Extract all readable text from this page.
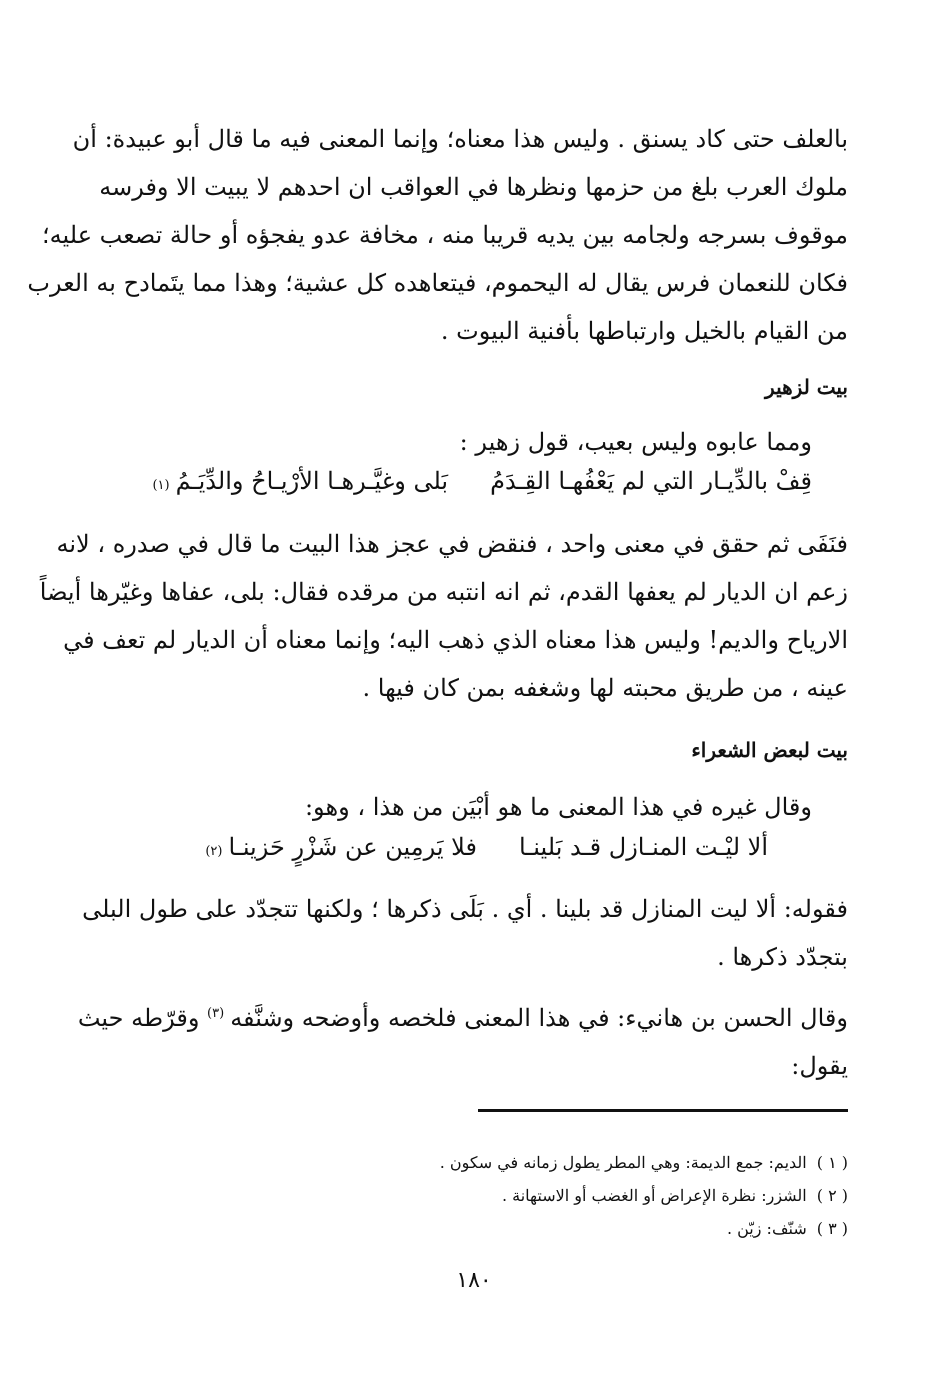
بالعلف حتى كاد يسنق . وليس هذا معناه؛ وإنما المعنى فيه ما قال أبو عبيدة: أن
ملوك العرب بلغ من حزمها ونظرها في العواقب ان احدهم لا يبيت الا وفرسه
موقوف بسرجه ولجامه بين يديه قريبا منه ، مخافة عدو يفجؤه أو حالة تصعب عليه؛
فكان للنعمان فرس يقال له اليحموم، فيتعاهده كل عشية؛ وهذا مما يتَمادح به العرب
من القيام بالخيل وارتباطها بأفنية البيوت .
بيت لزهير
ومما عابوه وليس بعيب، قول زهير :
قِفْ بالدِّيـار التي لم يَعْفُهـا القِـدَمُ
بَلى وغيَّـرهـا الأرْيـاحُ والدِّيَـمُ
(١)
فنَفَى ثم حقق في معنى واحد ، فنقض في عجز هذا البيت ما قال في صدره ، لانه
زعم ان الديار لم يعفها القدم، ثم انه انتبه من مرقده فقال: بلى، عفاها وغيّرها أيضاً
الارياح والديم! وليس هذا معناه الذي ذهب اليه؛ وإنما معناه أن الديار لم تعف في
عينه ، من طريق محبته لها وشغفه بمن كان فيها .
بيت لبعض الشعراء
وقال غيره في هذا المعنى ما هو أبْيَن من هذا ، وهو:
ألا ليْـت المنـازل قـد بَلينـا
فلا يَرمِين عن شَزْرٍ حَزينـا
(٢)
فقوله: ألا ليت المنازل قد بلينا . أي . بَلَى ذكرها ؛ ولكنها تتجدّد على طول البلى
بتجدّد ذكرها .
وقال الحسن بن هانيء: في هذا المعنى فلخصه وأوضحه وشنَّفه$^{(٣)}$ وقرّطه حيث
يقول:
( ١ )الديم: جمع الديمة: وهي المطر يطول زمانه في سكون .
( ٢ )الشزر: نظرة الإعراض أو الغضب أو الاستهانة .
( ٣ )شنّف: زيّن .
١٨٠
